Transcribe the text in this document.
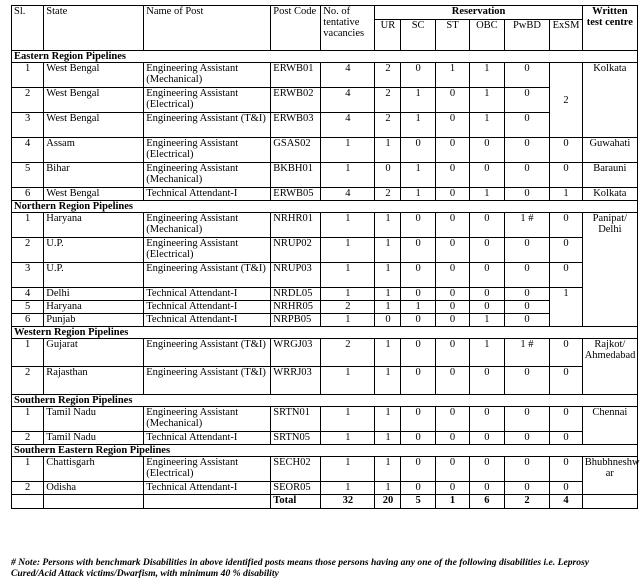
Sl.	State	Name of Post	Post Code	No. of tentative vacancies	Reservation						Written test centre
					UR	SC	ST	OBC	PwBD	ExSM	
Eastern Region Pipelines											
1	West Bengal	Engineering Assistant (Mechanical)	ERWB01	4	2	0	1	1	0	2	Kolkata
2	West Bengal	Engineering Assistant (Electrical)	ERWB02	4	2	1	0	1	0		
3	West Bengal	Engineering Assistant (T&I)	ERWB03	4	2	1	0	1	0		
4	Assam	Engineering Assistant (Electrical)	GSAS02	1	1	0	0	0	0	0	Guwahati
5	Bihar	Engineering Assistant (Mechanical)	BKBH01	1	0	1	0	0	0	0	Barauni
6	West Bengal	Technical Attendant-I	ERWB05	4	2	1	0	1	0	1	Kolkata
Northern Region Pipelines											
1	Haryana	Engineering Assistant (Mechanical)	NRHR01	1	1	0	0	0	1 #	0	Panipat/ Delhi
2	U.P.	Engineering Assistant (Electrical)	NRUP02	1	1	0	0	0	0	0	
3	U.P.	Engineering Assistant (T&I)	NRUP03	1	1	0	0	0	0	0	
4	Delhi	Technical Attendant-I	NRDL05	1	1	0	0	0	0	1	
5	Haryana	Technical Attendant-I	NRHR05	2	1	1	0	0	0		
6	Punjab	Technical Attendant-I	NRPB05	1	0	0	0	1	0		
Western Region Pipelines											
1	Gujarat	Engineering Assistant (T&I)	WRGJ03	2	1	0	0	1	1 #	0	Rajkot/ Ahmedabad
2	Rajasthan	Engineering Assistant (T&I)	WRRJ03	1	1	0	0	0	0	0	
Southern Region Pipelines											
1	Tamil Nadu	Engineering Assistant (Mechanical)	SRTN01	1	1	0	0	0	0	0	Chennai
2	Tamil Nadu	Technical Attendant-I	SRTN05	1	1	0	0	0	0	0	
Southern Eastern Region Pipelines											
1	Chattisgarh	Engineering Assistant (Electrical)	SECH02	1	1	0	0	0	0	0	Bhubhneshw ar
2	Odisha	Technical Attendant-I	SEOR05	1	1	0	0	0	0	0	
			Total	32	20	5	1	6	2	4	
# Note: Persons with benchmark Disabilities in above identified posts means those persons having any one of the following disabilities i.e. Leprosy Cured/Acid Attack victims/Dwarfism, with minimum 40 % disability
